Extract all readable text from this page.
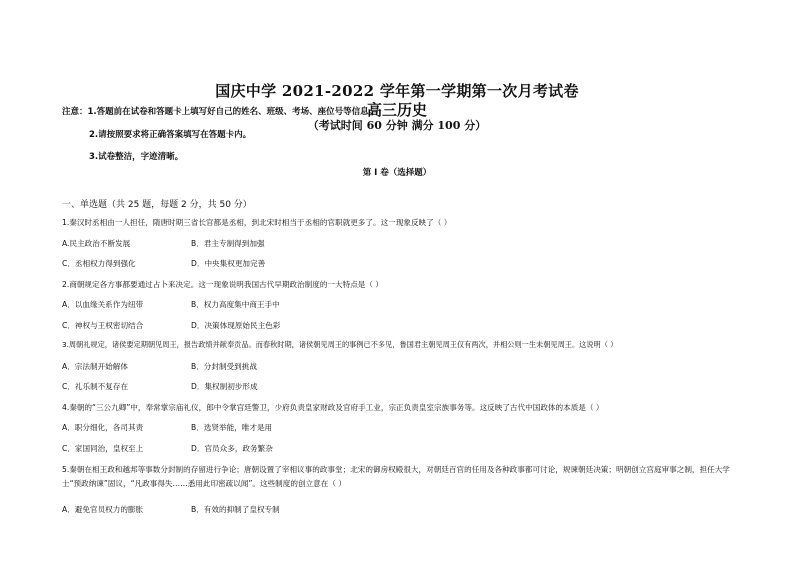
国庆中学 2021-2022 学年第一学期第一次月考试卷
高三历史
（考试时间 60 分钟 满分 100 分）
注意：1.答题前在试卷和答题卡上填写好自己的姓名、班级、考场、座位号等信息。
2.请按照要求将正确答案填写在答题卡内。
3.试卷整洁，字迹清晰。
第 I 卷（选择题）
一、单选题（共 25 题，每题 2 分，共 50 分）
1.秦汉时丞相由一人担任，隋唐时期三省长官都是丞相，到北宋时相当于丞相的官职就更多了。这一现象反映了（ ）
A.民主政治不断发展	B．君主专制得到加强
C．丞相权力得到强化	D．中央集权更加完善
2.商朝规定各方事都要通过占卜来决定。这一现象说明我国古代早期政治制度的一大特点是（ ）
A．以血缘关系作为纽带	B．权力高度集中商王手中
C．神权与王权密切结合	D．决策体现原始民主色彩
3.周朝礼规定，诸侯要定期朝见周王，报告政绩并献奉贡品。而春秋时期，诸侯朝见周王的事例已不多见，鲁国君主朝见周王仅有两次，并相公则一生未朝见周王。这说明（ ）
A．宗法制开始解体	B．分封制受到挑战
C．礼乐制不复存在	D．集权制初步形成
4.秦朝的“三公九卿”中，奉常掌宗庙礼仪，郎中令掌宫廷警卫，少府负责皇家财政及官府手工业，宗正负责皇室宗族事务等。这反映了古代中国政体的本质是（ ）
A．职分细化，各司其责	B．选贤举能，唯才是用
C．家国同治，皇权至上	D．官员众多，政务繁杂
5.秦朝在相王政和越邦等事数分封制的存留进行争论；唐朝设置了宰相议事的政事堂；北宋的御房权殿很大，对朝廷百官的任用及各种政事都可讨论，规谏朝廷决策；明朝创立宫庭审事之制，担任大学士“预政纳谏”固议，“凡政事得失……悉用此印密疏以闻”。这些制度的创立意在（ ）
A．避免官员权力的膨胀	B．有效的抑制了皇权专制
